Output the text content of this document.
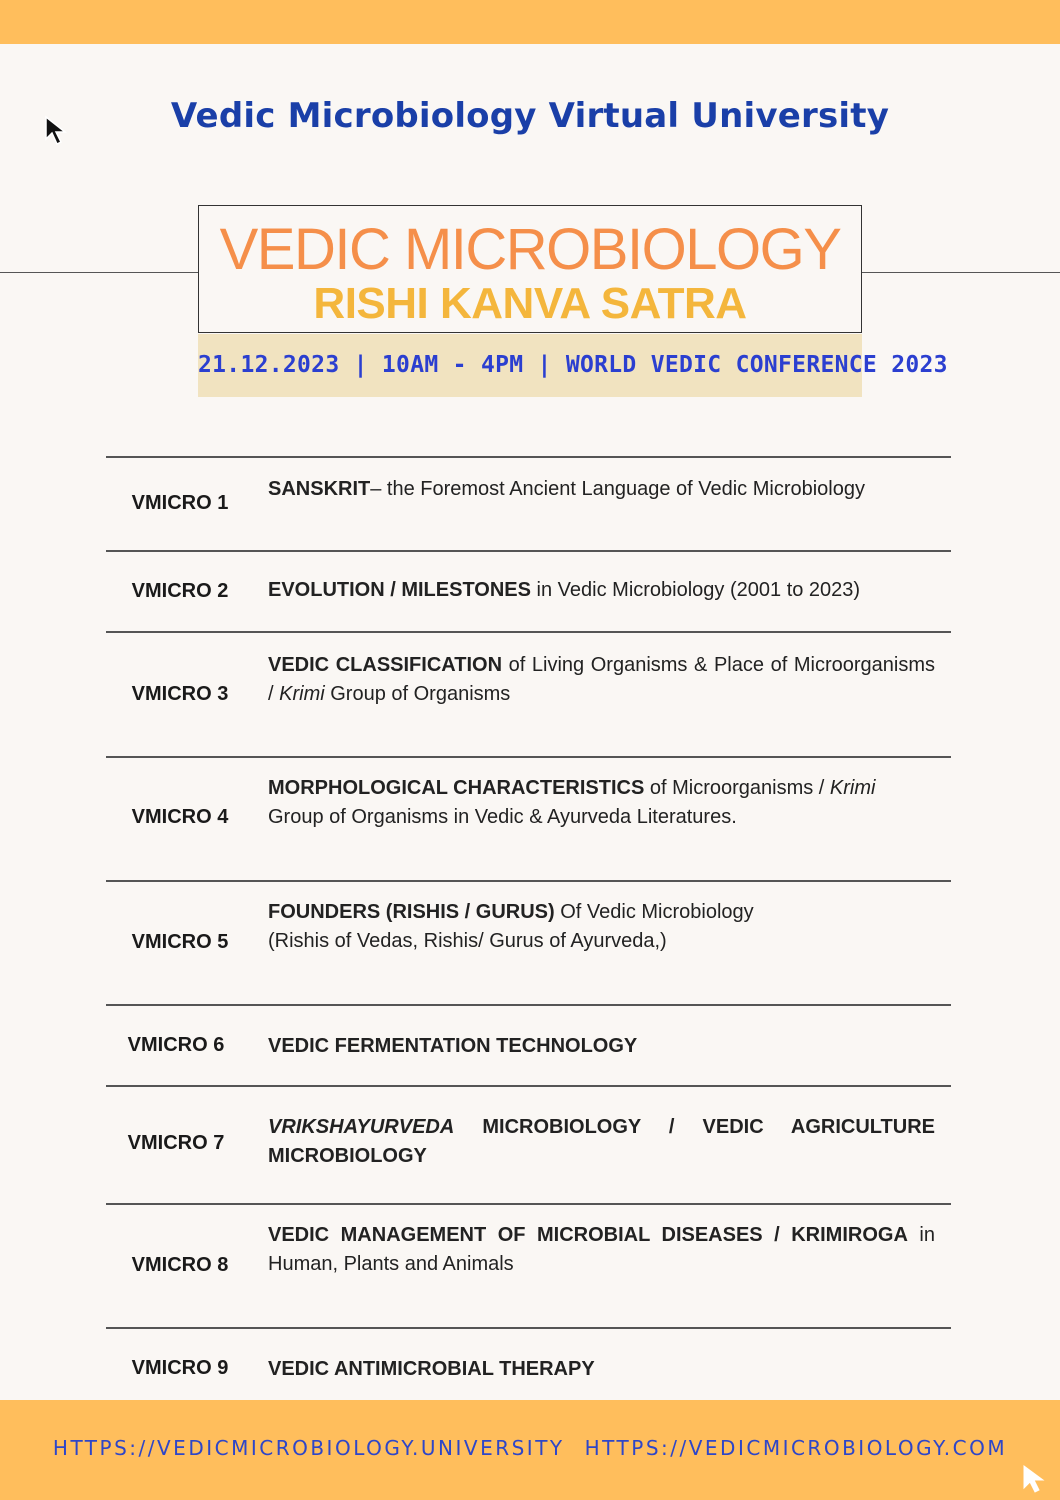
Vedic Microbiology Virtual University
VEDIC MICROBIOLOGY
RISHI KANVA SATRA
21.12.2023 | 10AM - 4PM | WORLD VEDIC CONFERENCE 2023
VMICRO 1
SANSKRIT– the Foremost Ancient Language of Vedic Microbiology
VMICRO 2	EVOLUTION / MILESTONES in Vedic Microbiology (2001 to 2023)
VMICRO 3
VEDIC CLASSIFICATION of Living Organisms & Place of Microorganisms / Krimi Group of Organisms
VMICRO 4
MORPHOLOGICAL CHARACTERISTICS of Microorganisms / Krimi Group of Organisms in Vedic & Ayurveda Literatures.
VMICRO 5
FOUNDERS (RISHIS / GURUS) Of Vedic Microbiology
(Rishis of Vedas, Rishis/ Gurus of Ayurveda,)
VMICRO 6	VEDIC FERMENTATION TECHNOLOGY
VMICRO 7
VRIKSHAYURVEDA MICROBIOLOGY / VEDIC AGRICULTURE MICROBIOLOGY
VMICRO 8
VEDIC MANAGEMENT OF MICROBIAL DISEASES / KRIMIROGA in Human, Plants and Animals
VMICRO 9	VEDIC ANTIMICROBIAL THERAPY
HTTPS://VEDICMICROBIOLOGY.UNIVERSITY HTTPS://VEDICMICROBIOLOGY.COM
